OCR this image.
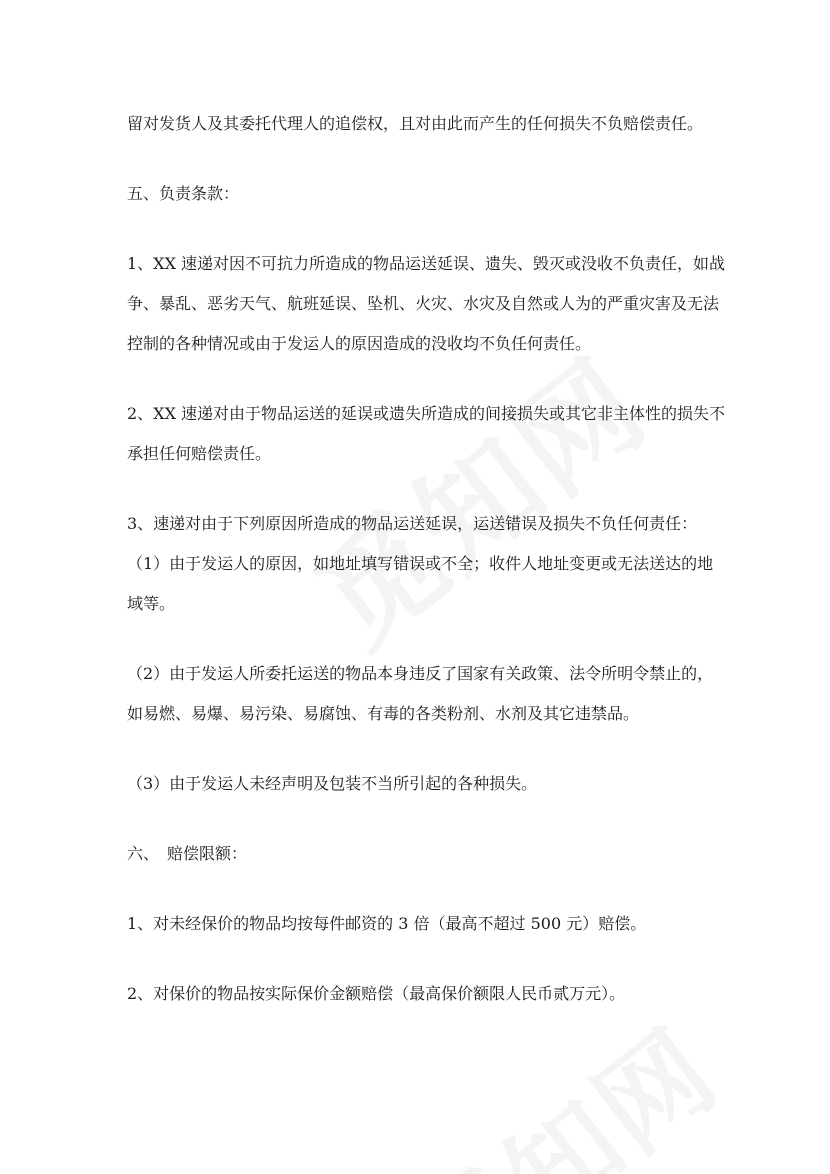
留对发货人及其委托代理人的追偿权，且对由此而产生的任何损失不负赔偿责任。

五、负责条款：

1、XX 速递对因不可抗力所造成的物品运送延误、遗失、毁灭或没收不负责任，如战 争、暴乱、恶劣天气、航班延误、坠机、火灾、水灾及自然或人为的严重灾害及无法控制的各种情况或由于发运人的原因造成的没收均不负任何责任。

2、XX 速递对由于物品运送的延误或遗失所造成的间接损失或其它非主体性的损失不承担任何赔偿责任。

3、速递对由于下列原因所造成的物品运送延误，运送错误及损失不负任何责任：

（1）由于发运人的原因，如地址填写错误或不全；收件人地址变更或无法送达的地域等。

（2）由于发运人所委托运送的物品本身违反了国家有关政策、法令所明令禁止的，如易燃、易爆、易污染、易腐蚀、有毒的各类粉剂、水剂及其它违禁品。

（3）由于发运人未经声明及包装不当所引起的各种损失。

六、　赔偿限额：

1、对未经保价的物品均按每件邮资的 3 倍（最高不超过 500 元）赔偿。

2、对保价的物品按实际保价金额赔偿（最高保价额限人民币贰万元）。
